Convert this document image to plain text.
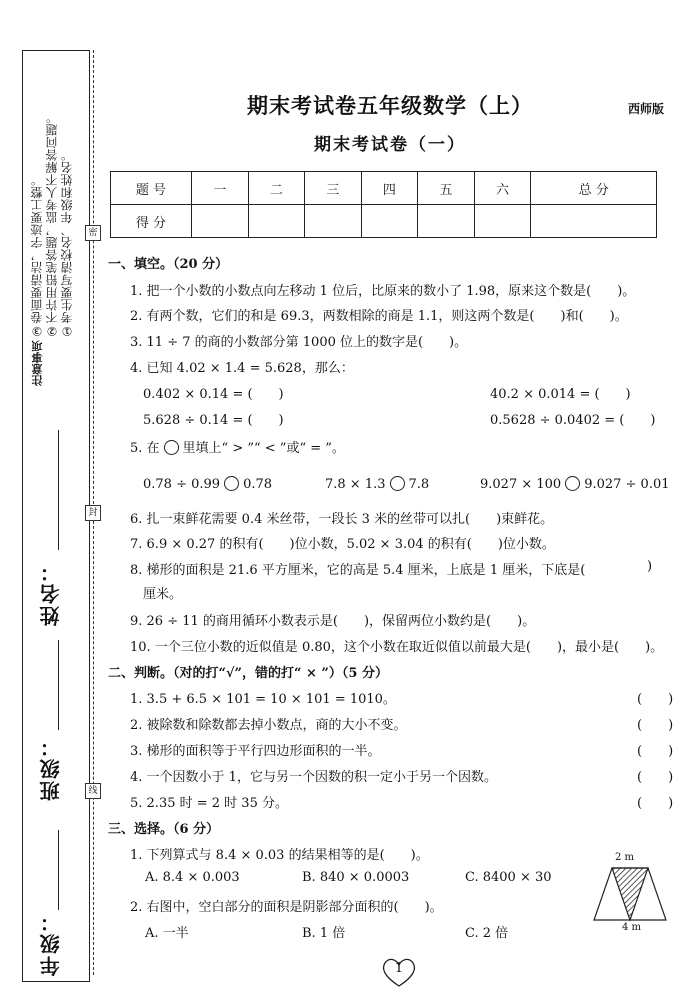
③卷面要清洁，字迹要工整。 ②不许用铅笔答题，监考人不解答问题。 ①考生要写清校名、年级和姓名。
注意事项
年级：
班级：
姓名：
密
封
线
期末考试卷五年级数学（上）	西师版
期末考试卷（一）
题 号	一	二	三	四	五	六	总 分
得 分							
一、填空。（20 分）
1. 把一个小数的小数点向左移动 1 位后，比原来的数小了 1.98，原来这个数是(　　)。
2. 有两个数，它们的和是 69.3，两数相除的商是 1.1，则这两个数是(　　)和(　　)。
3. 11 ÷ 7 的商的小数部分第 1000 位上的数字是(　　)。
4. 已知 4.02 × 1.4 = 5.628，那么：
0.402 × 0.14 = (　　)	40.2 × 0.014 = (　　)
5.628 ÷ 0.14 = (　　)	0.5628 ÷ 0.0402 = (　　)
5. 在 里填上“ > ”“ < ”或“ = ”。
0.78 ÷ 0.99 0.78	7.8 × 1.3 7.8	9.027 × 100 9.027 ÷ 0.01
6. 扎一束鲜花需要 0.4 米丝带，一段长 3 米的丝带可以扎(　　)束鲜花。
7. 6.9 × 0.27 的积有(　　)位小数，5.02 × 3.04 的积有(　　)位小数。
8. 梯形的面积是 21.6 平方厘米，它的高是 5.4 厘米，上底是 1 厘米，下底是(	)
厘米。
9. 26 ÷ 11 的商用循环小数表示是(　　)，保留两位小数约是(　　)。
10. 一个三位小数的近似值是 0.80，这个小数在取近似值以前最大是(　　)，最小是(　　)。
二、判断。（对的打“√”，错的打“ × ”）（5 分）
1. 3.5 + 6.5 × 101 = 10 × 101 = 1010。	(　　)
2. 被除数和除数都去掉小数点，商的大小不变。	(　　)
3. 梯形的面积等于平行四边形面积的一半。	(　　)
4. 一个因数小于 1，它与另一个因数的积一定小于另一个因数。	(　　)
5. 2.35 时 = 2 时 35 分。	(　　)
三、选择。（6 分）
1. 下列算式与 8.4 × 0.03 的结果相等的是(　　)。
A. 8.4 × 0.003	B. 840 × 0.0003	C. 8400 × 30
2. 右图中，空白部分的面积是阴影部分面积的(　　)。
A. 一半	B. 1 倍	C. 2 倍
2 m
4 m
1
